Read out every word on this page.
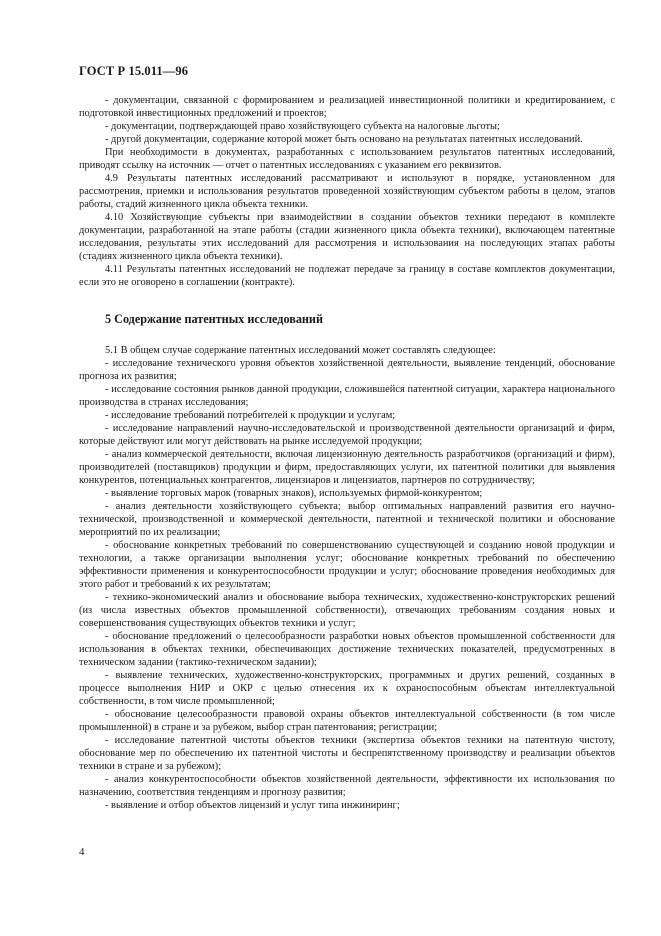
ГОСТ Р 15.011—96

- документации, связанной с формированием и реализацией инвестиционной политики и кредитированием, с подготовкой инвестиционных предложений и проектов;

- документации, подтверждающей право хозяйствующего субъекта на налоговые льготы;

- другой документации, содержание которой может быть основано на результатах патентных исследований.

При необходимости в документах, разработанных с использованием результатов патентных исследований, приводят ссылку на источник — отчет о патентных исследованиях с указанием его реквизитов.

4.9 Результаты патентных исследований рассматривают и используют в порядке, установленном для рассмотрения, приемки и использования результатов проведенной хозяйствующим субъектом работы в целом, этапов работы, стадий жизненного цикла объекта техники.

4.10 Хозяйствующие субъекты при взаимодействии в создании объектов техники передают в комплекте документации, разработанной на этапе работы (стадии жизненного цикла объекта техники), включающем патентные исследования, результаты этих исследований для рассмотрения и использования на последующих этапах работы (стадиях жизненного цикла объекта техники).

4.11 Результаты патентных исследований не подлежат передаче за границу в составе комплектов документации, если это не оговорено в соглашении (контракте).

5 Содержание патентных исследований

5.1 В общем случае содержание патентных исследований может составлять следующее:

- исследование технического уровня объектов хозяйственной деятельности, выявление тенденций, обоснование прогноза их развития;

- исследование состояния рынков данной продукции, сложившейся патентной ситуации, характера национального производства в странах исследования;

- исследование требований потребителей к продукции и услугам;

- исследование направлений научно-исследовательской и производственной деятельности организаций и фирм, которые действуют или могут действовать на рынке исследуемой продукции;

- анализ коммерческой деятельности, включая лицензионную деятельность разработчиков (организаций и фирм), производителей (поставщиков) продукции и фирм, предоставляющих услуги, их патентной политики для выявления конкурентов, потенциальных контрагентов, лицензиаров и лицензиатов, партнеров по сотрудничеству;

- выявление торговых марок (товарных знаков), используемых фирмой-конкурентом;

- анализ деятельности хозяйствующего субъекта; выбор оптимальных направлений развития его научно-технической, производственной и коммерческой деятельности, патентной и технической политики и обоснование мероприятий по их реализации;

- обоснование конкретных требований по совершенствованию существующей и созданию новой продукции и технологии, а также организации выполнения услуг; обоснование конкретных требований по обеспечению эффективности применения и конкурентоспособности продукции и услуг; обоснование проведения необходимых для этого работ и требований к их результатам;

- технико-экономический анализ и обоснование выбора технических, художественно-конструкторских решений (из числа известных объектов промышленной собственности), отвечающих требованиям создания новых и совершенствования существующих объектов техники и услуг;

- обоснование предложений о целесообразности разработки новых объектов промышленной собственности для использования в объектах техники, обеспечивающих достижение технических показателей, предусмотренных в техническом задании (тактико-техническом задании);

- выявление технических, художественно-конструкторских, программных и других решений, созданных в процессе выполнения НИР и ОКР с целью отнесения их к охраноспособным объектам интеллектуальной собственности, в том числе промышленной;

- обоснование целесообразности правовой охраны объектов интеллектуальной собственности (в том числе промышленной) в стране и за рубежом, выбор стран патентования; регистрации;

- исследование патентной чистоты объектов техники (экспертиза объектов техники на патентную чистоту, обоснование мер по обеспечению их патентной чистоты и беспрепятственному производству и реализации объектов техники в стране и за рубежом);

- анализ конкурентоспособности объектов хозяйственной деятельности, эффективности их использования по назначению, соответствия тенденциям и прогнозу развития;

- выявление и отбор объектов лицензий и услуг типа инжиниринг;

4
